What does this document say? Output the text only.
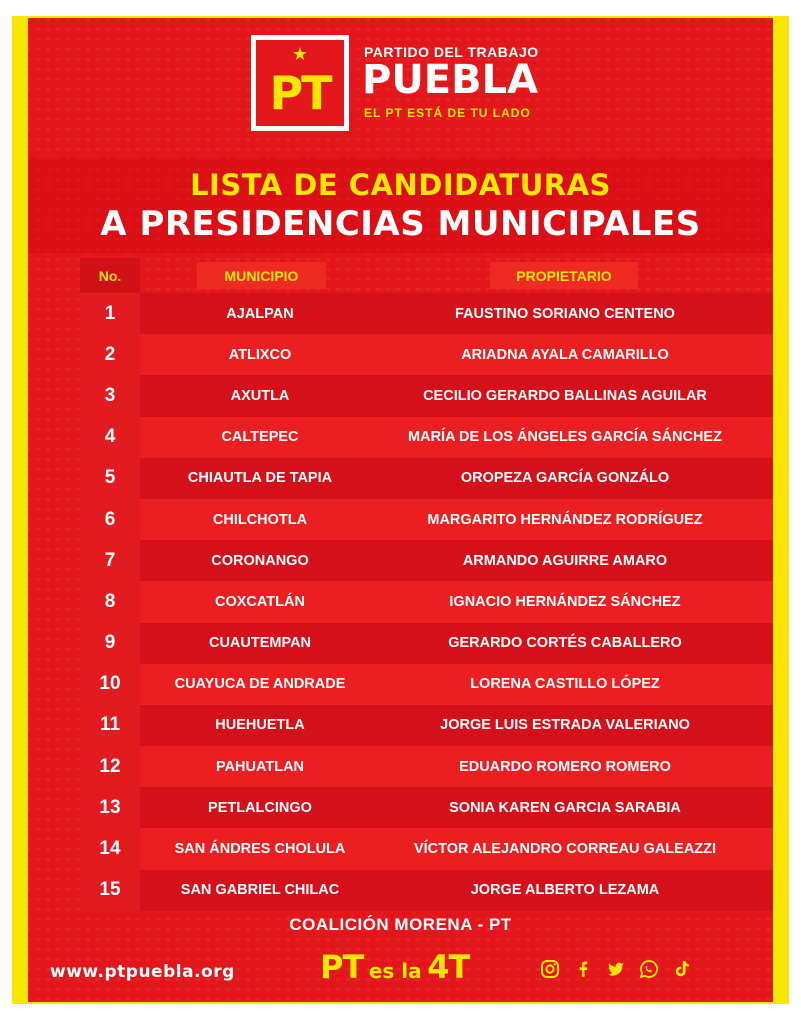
★
PT
PARTIDO DEL TRABAJO
PUEBLA
EL PT ESTÁ DE TU LADO
LISTA DE CANDIDATURAS
A PRESIDENCIAS MUNICIPALES
No.	MUNICIPIO	PROPIETARIO
1	AJALPAN	FAUSTINO SORIANO CENTENO
2	ATLIXCO	ARIADNA AYALA CAMARILLO
3	AXUTLA	CECILIO GERARDO BALLINAS AGUILAR
4	CALTEPEC	MARÍA DE LOS ÁNGELES GARCÍA SÁNCHEZ
5	CHIAUTLA DE TAPIA	OROPEZA GARCÍA GONZÁLO
6	CHILCHOTLA	MARGARITO HERNÁNDEZ RODRÍGUEZ
7	CORONANGO	ARMANDO AGUIRRE AMARO
8	COXCATLÁN	IGNACIO HERNÁNDEZ SÁNCHEZ
9	CUAUTEMPAN	GERARDO CORTÉS CABALLERO
10	CUAYUCA DE ANDRADE	LORENA CASTILLO LÓPEZ
11	HUEHUETLA	JORGE LUIS ESTRADA VALERIANO
12	PAHUATLAN	EDUARDO ROMERO ROMERO
13	PETLALCINGO	SONIA KAREN GARCIA SARABIA
14	SAN ÁNDRES CHOLULA	VÍCTOR ALEJANDRO CORREAU GALEAZZI
15	SAN GABRIEL CHILAC	JORGE ALBERTO LEZAMA
COALICIÓN MORENA - PT
www.ptpuebla.org	PT es la 4T
